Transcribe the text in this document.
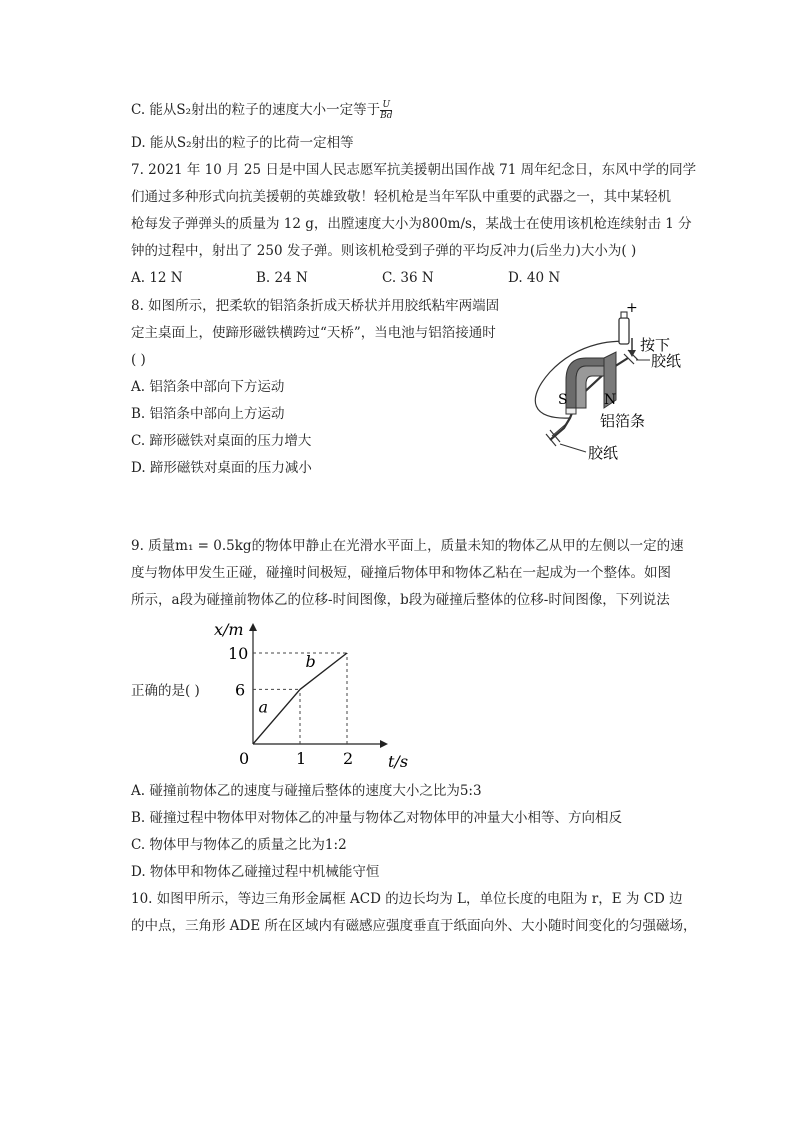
C. 能从S₂射出的粒子的速度大小一定等于 $\frac{U}{Bd}$
D. 能从S₂射出的粒子的比荷一定相等
7. 2021 年 10 月 25 日是中国人民志愿军抗美援朝出国作战 71 周年纪念日，东风中学的同学
们通过多种形式向抗美援朝的英雄致敬！轻机枪是当年军队中重要的武器之一，其中某轻机
枪每发子弹弹头的质量为 12 g，出膛速度大小为800m/s，某战士在使用该机枪连续射击 1 分
钟的过程中，射出了 250 发子弹。则该机枪受到子弹的平均反冲力(后坐力)大小为( )
A. 12 N	B. 24 N	C. 36 N	D. 40 N
8. 如图所示，把柔软的铝箔条折成天桥状并用胶纸粘牢两端固
定主桌面上，使蹄形磁铁横跨过“天桥”，当电池与铝箔接通时
( )
A. 铝箔条中部向下方运动
B. 铝箔条中部向上方运动
C. 蹄形磁铁对桌面的压力增大
D. 蹄形磁铁对桌面的压力减小
+
按下
胶纸
S	N
铝箔条
胶纸
9. 质量m₁ = 0.5kg的物体甲静止在光滑水平面上，质量未知的物体乙从甲的左侧以一定的速
度与物体甲发生正碰，碰撞时间极短，碰撞后物体甲和物体乙粘在一起成为一个整体。如图
所示，a段为碰撞前物体乙的位移-时间图像，b段为碰撞后整体的位移-时间图像，下列说法
正确的是( )
t/s
x/m
0	1 2
6
10
a
b
A. 碰撞前物体乙的速度与碰撞后整体的速度大小之比为5:3
B. 碰撞过程中物体甲对物体乙的冲量与物体乙对物体甲的冲量大小相等、方向相反
C. 物体甲与物体乙的质量之比为1:2
D. 物体甲和物体乙碰撞过程中机械能守恒
10. 如图甲所示，等边三角形金属框 ACD 的边长均为 L，单位长度的电阻为 r，E 为 CD 边
的中点，三角形 ADE 所在区域内有磁感应强度垂直于纸面向外、大小随时间变化的匀强磁场，
